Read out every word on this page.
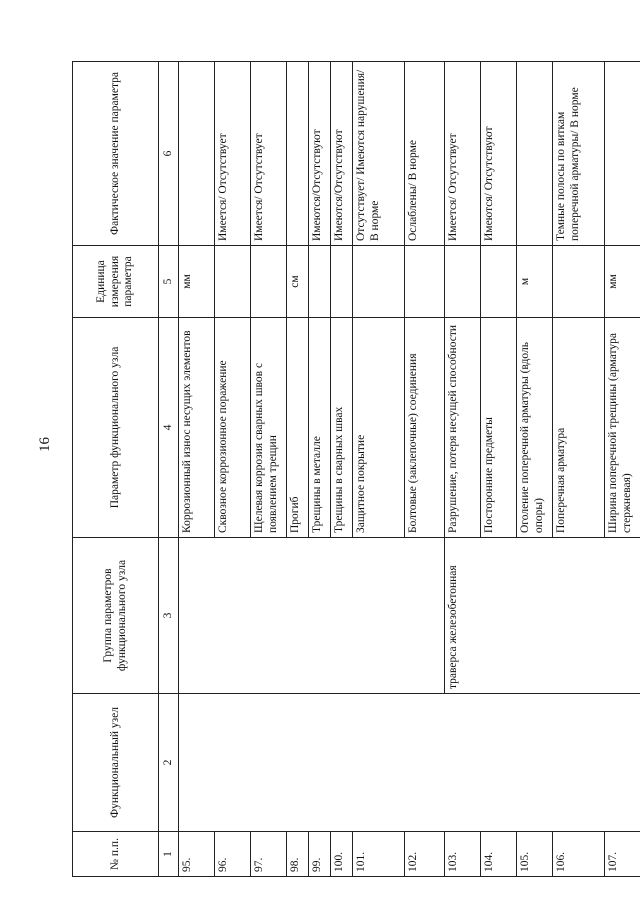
16
№ п.п.	Функциональный узел	Группа параметров функционального узла	Параметр функционального узла	Единица измерения параметра	Фактическое значение параметра
1	2	3	4	5	6
95.			Коррозионный износ несущих элементов	мм	
96.			Сквозное коррозионное поражение		Имеется/ Отсутствует
97.			Щелевая коррозия сварных швов с появлением трещин		Имеется/ Отсутствует
98.			Прогиб	см	
99.			Трещины в металле		Имеются/Отсутствуют
100.			Трещины в сварных швах		Имеются/Отсутствуют
101.			Защитное покрытие		Отсутствует/ Имеются нарушения/ В норме
102.			Болтовые (заклепочные) соединения		Ослаблены/ В норме
103.		траверса железобетонная	Разрушение, потеря несущей способности		Имеется/ Отсутствует
104.			Посторонние предметы		Имеются/ Отсутствуют
105.			Оголение поперечной арматуры (вдоль опоры)	м	
106.			Поперечная арматура		Темные полосы по виткам поперечной арматуры/ В норме
107.			Ширина поперечной трещины (арматура стержневая)	мм	
